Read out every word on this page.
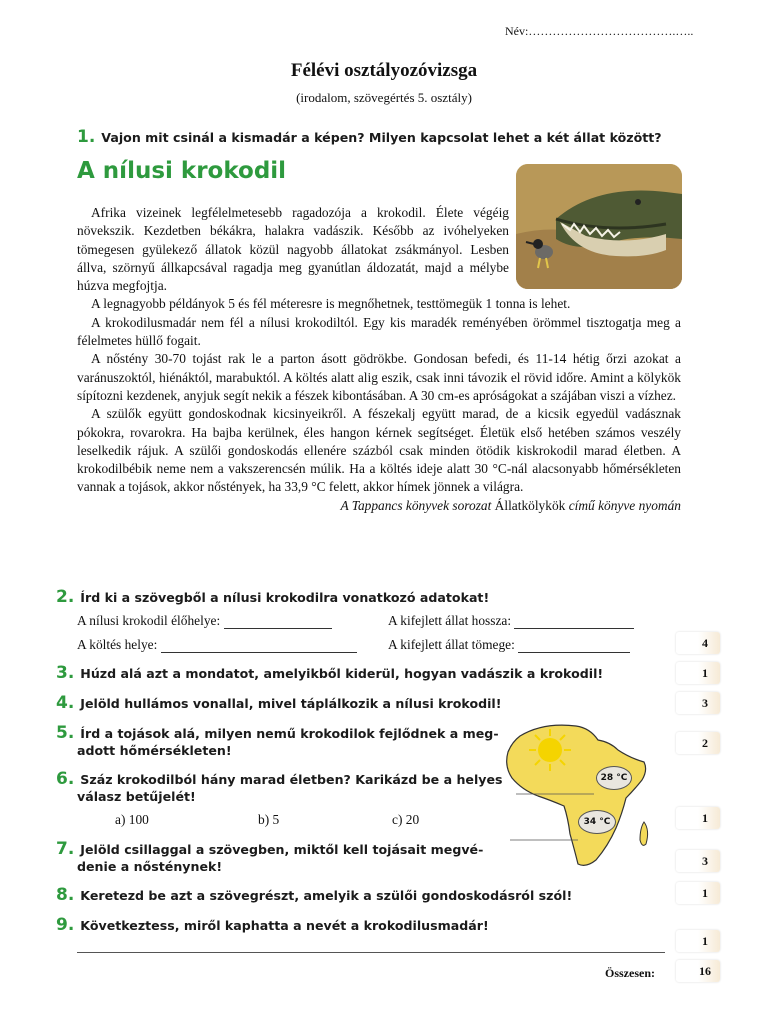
Név:……………………………….…..
Félévi osztályozóvizsga
(irodalom, szövegértés 5. osztály)
1. Vajon mit csinál a kismadár a képen? Milyen kapcsolat lehet a két állat között?
A nílusi krokodil

Afrika vizeinek legfélelmetesebb ragadozója a krokodil. Élete végéig növekszik. Kezdetben békákra, halakra vadászik. Később az ivóhelyeken tömegesen gyülekező állatok közül nagyobb állatokat zsákmányol. Lesben állva, szörnyű állkapcsával ragadja meg gyanútlan áldozatát, majd a mélybe húzva megfojtja.

A legnagyobb példányok 5 és fél méteresre is megnőhetnek, testtömegük 1 tonna is lehet.

A krokodilusmadár nem fél a nílusi krokodiltól. Egy kis maradék reményében örömmel tisztogatja meg a félelmetes hüllő fogait.

A nőstény 30-70 tojást rak le a parton ásott gödrökbe. Gondosan befedi, és 11-14 hétig őrzi azokat a varánuszoktól, hiénáktól, marabuktól. A költés alatt alig eszik, csak inni távozik el rövid időre. Amint a kölykök sípítozni kezdenek, anyjuk segít nekik a fészek kibontásában. A 30 cm-es apróságokat a szájában viszi a vízhez.

A szülők együtt gondoskodnak kicsinyeikről. A fészekalj együtt marad, de a kicsik egyedül vadásznak pókokra, rovarokra. Ha bajba kerülnek, éles hangon kérnek segítséget. Életük első hetében számos veszély leselkedik rájuk. A szülői gondoskodás ellenére százból csak minden ötödik kiskrokodil marad életben. A krokodilbébik neme nem a vakszerencsén múlik. Ha a költés ideje alatt 30 °C-nál alacsonyabb hőmérsékleten vannak a tojások, akkor nőstények, ha 33,9 °C felett, akkor hímek jönnek a világra.

A Tappancs könyvek sorozat Állatkölykök című könyve nyomán

2. Írd ki a szövegből a nílusi krokodilra vonatkozó adatokat!
A nílusi krokodil élőhelye:	A kifejlett állat hossza:
A költés helye:	A kifejlett állat tömege:	4
3. Húzd alá azt a mondatot, amelyikből kiderül, hogyan vadászik a krokodil!	1
4. Jelöld hullámos vonallal, mivel táplálkozik a nílusi krokodil!	3
5. Írd a tojások alá, milyen nemű krokodilok fejlődnek a meg-
adott hőmérsékleten!
2
6. Száz krokodilból hány marad életben? Karikázd be a helyes
válasz betűjelét!
a) 100	b) 5	c) 20	1
28 °C
34 °C
7. Jelöld csillaggal a szövegben, miktől kell tojásait megvé-
denie a nősténynek!	3
8. Keretezd be azt a szövegrészt, amelyik a szülői gondoskodásról szól!	1
9. Következtess, miről kaphatta a nevét a krokodilusmadár!
1
Összesen:	16
